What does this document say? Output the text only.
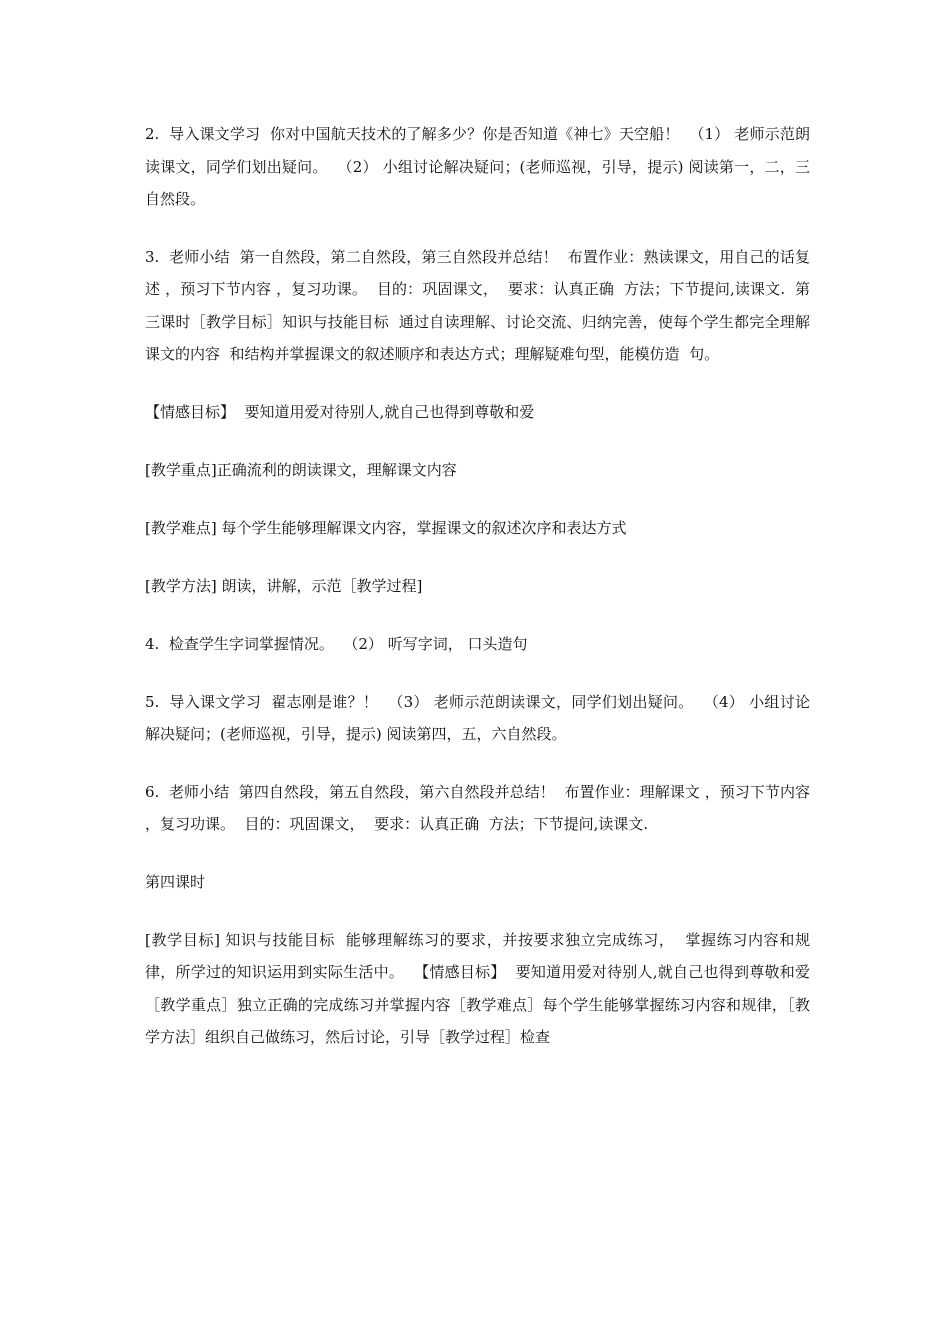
2.  导入课文学习  你对中国航天技术的了解多少？你是否知道《神七》天空船！  （1） 老师示范朗读课文，同学们划出疑问。  （2） 小组讨论解决疑问；(老师巡视，引导，提示) 阅读第一，二，三自然段。

3.  老师小结  第一自然段，第二自然段，第三自然段并总结！  布置作业：熟读课文，用自己的话复述 ，预习下节内容 ，复习功课。  目的：巩固课文，  要求：认真正确  方法；下节提问,读课文.  第三课时［教学目标］知识与技能目标  通过自读理解、讨论交流、归纳完善，使每个学生都完全理解课文的内容  和结构并掌握课文的叙述顺序和表达方式；理解疑难句型，能模仿造  句。

【情感目标】  要知道用爱对待别人,就自己也得到尊敬和爱

[教学重点]正确流利的朗读课文，理解课文内容

[教学难点] 每个学生能够理解课文内容，掌握课文的叙述次序和表达方式

[教学方法] 朗读，讲解，示范［教学过程]

4.  检查学生字词掌握情况。  （2） 听写字词， 口头造句

5.  导入课文学习  翟志刚是谁？！  （3） 老师示范朗读课文，同学们划出疑问。  （4） 小组讨论解决疑问；(老师巡视，引导，提示) 阅读第四，五，六自然段。

6.  老师小结  第四自然段，第五自然段，第六自然段并总结！  布置作业：理解课文 ，预习下节内容 ，复习功课。  目的：巩固课文，  要求：认真正确  方法；下节提问,读课文.

第四课时

[教学目标] 知识与技能目标  能够理解练习的要求，并按要求独立完成练习，  掌握练习内容和规律，所学过的知识运用到实际生活中。  【情感目标】  要知道用爱对待别人,就自己也得到尊敬和爱［教学重点］独立正确的完成练习并掌握内容［教学难点］每个学生能够掌握练习内容和规律，［教学方法］组织自己做练习，然后讨论，引导［教学过程］检查
